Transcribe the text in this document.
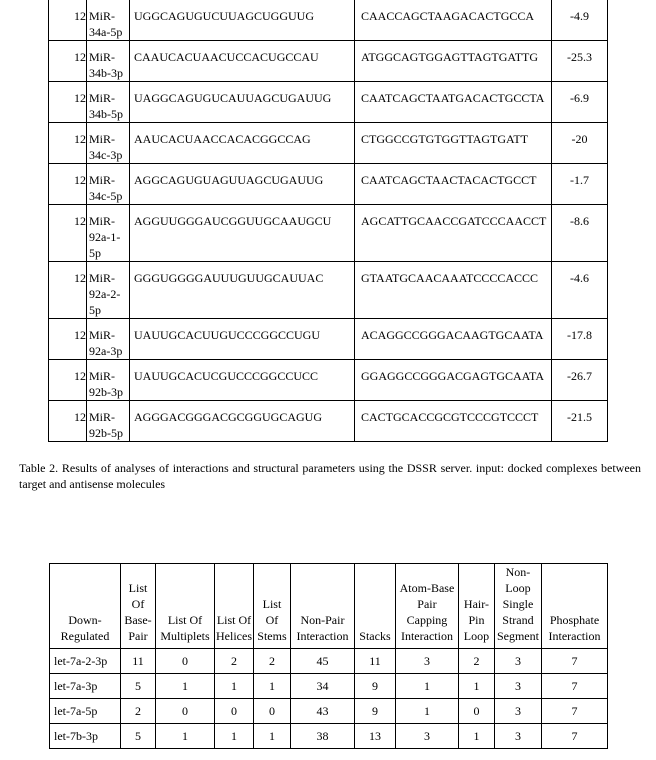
12	MiR-34a-5p	UGGCAGUGUCUUAGCUGGUUG	CAACCAGCTAAGACACTGCCA	-4.9
12	MiR-34b-3p	CAAUCACUAACUCCACUGCCAU	ATGGCAGTGGAGTTAGTGATTG	-25.3
12	MiR-34b-5p	UAGGCAGUGUCAUUAGCUGAUUG	CAATCAGCTAATGACACTGCCTA	-6.9
12	MiR-34c-3p	AAUCACUAACCACACGGCCAG	CTGGCCGTGTGGTTAGTGATT	-20
12	MiR-34c-5p	AGGCAGUGUAGUUAGCUGAUUG	CAATCAGCTAACTACACTGCCT	-1.7
12	MiR-92a-1-5p	AGGUUGGGAUCGGUUGCAAUGCU	AGCATTGCAACCGATCCCAACCT	-8.6
12	MiR-92a-2-5p	GGGUGGGGAUUUGUUGCAUUAC	GTAATGCAACAAATCCCCACCC	-4.6
12	MiR-92a-3p	UAUUGCACUUGUCCCGGCCUGU	ACAGGCCGGGACAAGTGCAATA	-17.8
12	MiR-92b-3p	UAUUGCACUCGUCCCGGCCUCC	GGAGGCCGGGACGAGTGCAATA	-26.7
12	MiR-92b-5p	AGGGACGGGACGCGGUGCAGUG	CACTGCACCGCGTCCCGTCCCT	-21.5
Table 2. Results of analyses of interactions and structural parameters using the DSSR server. input: docked complexes between target and antisense molecules
Down-Regulated	List Of Base-Pair	List Of Multiplets	List Of Helices	List Of Stems	Non-Pair Interaction	Stacks	Atom-Base Pair Capping Interaction	Hair-Pin Loop	Non-Loop Single Strand Segment	Phosphate Interaction
let-7a-2-3p	11	0	2	2	45	11	3	2	3	7
let-7a-3p	5	1	1	1	34	9	1	1	3	7
let-7a-5p	2	0	0	0	43	9	1	0	3	7
let-7b-3p	5	1	1	1	38	13	3	1	3	7
